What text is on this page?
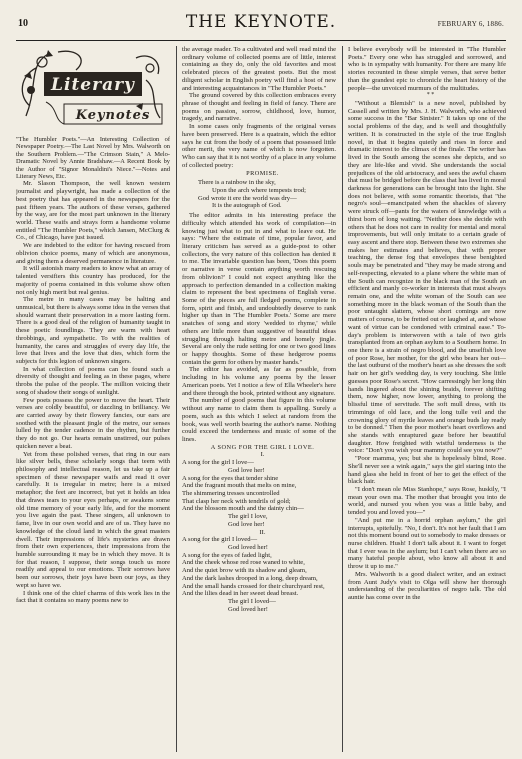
10	THE KEYNOTE.	FEBRUARY 6, 1886.
Literary
Keynotes

"The Humbler Poets."—An Interesting Collection of Newspaper Poetry.—The Last Novel by Mrs. Walworth on the Southern Problem.—"The Crimson Stain," A Melo-Dramatic Novel by Annie Bradshaw.—A Recent Book by the Author of "Signor Monaldini's Niece."—Notes and Literary News, Etc.

Mr. Slason Thompson, the well known western journalist and playwright, has made a collection of the best poetry that has appeared in the newspapers for the past fifteen years. The authors of these verses, gathered by the way, are for the most part unknown in the literary world. These waifs and strays form a handsome volume entitled "The Humbler Poets," which Jansen, McClurg & Co., of Chicago, have just issued.

We are indebted to the editor for having rescued from oblivion choice poems, many of which are anonymous, and giving them a deserved permanence in literature.

It will astonish many readers to know what an array of talented versifiers this country has produced, for the majority of poems contained in this volume show often not only high merit but real genius.

The metre in many cases may be halting and unmusical, but there is always some idea in the verses that should warrant their preservation in a more lasting form. There is a good deal of the religion of humanity taught in these poetic foundlings. They are warm with heart throbbings, and sympathetic. To with the realities of humanity, the cares and struggles of every day life, the love that lives and the love that dies, which form the subjects for this legion of unknown singers.

In what collection of poems can be found such a diversity of thought and feeling as in these pages, where throbs the pulse of the people. The million voicing their song of shadow their songs of sunlight.

Few poets possess the power to move the heart. Their verses are coldly beautiful, or dazzling in brilliancy. We are carried away by their flowery fancies, our ears are soothed with the pleasant jingle of the metre, our senses lulled by the tender cadence in the rhythm, but further they do not go. Our hearts remain unstirred, our pulses quicken never a beat.

Yet from these polished verses, that ring in our ears like silver bells, these scholarly songs that teem with philosophy and intellectual reason, let us take up a fair specimen of these newspaper waifs and read it over carefully. It is irregular in metre; here is a mixed metaphor; the feet are incorrect, but yet it holds an idea that draws tears to your eyes perhaps, or awakens some old time memory of your early life, and for the moment you live again the past. These singers, all unknown to fame, live in our own world and are of us. They have no knowledge of the cloud land in which the great masters dwell. Their impressions of life's mysteries are drawn from their own experiences, their impressions from the humble surrounding it may be in which they move. It is for that reason, I suppose, their songs touch us more readily and appeal to our emotions. Their sorrows have been our sorrows, their joys have been our joys, as they wept so have we.

I think one of the chief charms of this work lies in the fact that it contains so many poems new to

the average reader. To a cultivated and well read mind the ordinary volume of collected poems are of little, interest containing as they do, only the old favorites and most celebrated pieces of the greatest poets. But the most diligent scholar in English poetry will find a host of new and interesting acquaintances in "The Humbler Poets."

The ground covered by this collection embraces every phrase of thought and feeling in field of fancy. There are poems on passion, sorrow, childhood, love, humor, tragedy, and narrative.

In some cases only fragments of the original verses have been preserved. Here is a quatrain, which the editor says he cut from the body of a poem that possessed little other merit, the very name of which is now forgotten. Who can say that it is not worthy of a place in any volume of collected poetry:

PROMISE.

There is a rainbow in the sky,
Upon the arch where tempests trod;
God wrote it ere the world was dry—
It is the autograph of God.

The editor admits in his interesting preface the difficulty which attended his work of compilation—in knowing just what to put in and what to leave out. He says: "Where the estimate of time, popular favor, and literary criticism has served as a guide-post to other collectors, the very nature of this collection has denied it to me. The invariable question has been, 'Does this poem or narrative in verse contain anything worth rescuing from oblivion?' I could not expect anything like the approach to perfection demanded in a collection making claim to represent the best specimens of English verse. Some of the pieces are full fledged poems, complete in form, spirit and finish, and undoubtedly deserve to rank higher up than in 'The Humbler Poets.' Some are mere snatches of song and story 'wedded to rhyme,' while others are little more than suggestive of beautiful ideas struggling through halting metre and homely jingle. Several are only the rude setting for one or two good lines or happy thoughts. Some of these hedgerow poems contain the germ for others by master hands."

The editor has avoided, as far as possible, from including in his volume any poems by the lesser American poets. Yet I notice a few of Ella Wheeler's here and there through the book, printed without any signature.

The number of good poems that figure in this volume without any name to claim them is appalling. Surely a poem, such as this which I select at random from the book, was well worth bearing the author's name. Nothing could exceed the tenderness and music of some of the lines.

A SONG FOR THE GIRL I LOVE.

I.

A song for the girl I love—
God love her!
A song for the eyes that tender shine
And the fragrant mouth that melts on mine,
The shimmering tresses uncontrolled
That clasp her neck with tendrils of gold;
And the blossom mouth and the dainty chin—
The girl I love,
God love her!

II.

A song for the girl I loved—
God loved her!
A song for the eyes of faded light,
And the cheek whose red rose waned to white,
And the quiet brow with its shadow and gleam,
And the dark lashes drooped in a long, deep dream,
And the small hands crossed for their churchyard rest,
And the lilies dead in her sweet dead breast.
The girl I loved—
God loved her!

I believe everybody will be interested in "The Humbler Poets." Every one who has struggled and sorrowed, and who is in sympathy with humanity. For there are many life stories recounted in these simple verses, that serve better than the grandest epic to chronicle the heart history of the people—the unvoiced murmurs of the multitudes.

* *

"Without a Blemish" is a new novel, published by Cassell and written by Mrs. J. H. Walworth, who achieved some success in the "Bar Sinister." It takes up one of the social problems of the day, and is well and thoughtfully written. It is constructed in the style of the true English novel, in that it begins quietly and rises in force and dramatic interest to the climax of the finale. The writer has lived in the South among the scenes she depicts, and so they are life-like and vivid. She understands the social prejudices of the old aristocracy, and sees the awful chasm that must be bridged before the class that has lived in moral darkness for generations can be brought into the light. She does not believe, with some romantic theorists, that "the negro's soul—emancipated when the shackles of slavery were struck off—pants for the waters of knowledge with a thirst born of long waiting. "Neither does she decide with others that he does not care in reality for mental and moral improvements, but will only imitate to a certain grade of easy ascent and there stop. Between these two extremes she makes her estimates and believes, that with proper teaching, the dense fog that envelopes these benighted souls may be penetrated and "they may be made strong and self-respecting, elevated to a plane where the white man of the South can recognize in the black man of the South an efficient and manly co-worker in interests that must always remain one, and the white woman of the South can see something more in the black woman of the South than the poor untaught slattern, whose short comings are now matters of course, to be fretted out or laughed at, and whose want of virtue can be condoned with criminal ease." To-day's problem is interwoven with a tale of two girls transplanted from an orphan asylum to a Southern home. In one there is a strain of negro blood, and the unselfish love of poor Rose, her mother, for the girl who bears her out—the last outburst of the mother's heart as she dresses the soft hair on her girl's wedding day, is very touching. She little guesses poor Rose's secret. "How carressingly her long thin hands lingered about the shining braids, forever shifting them, now higher, now lower, anything to prolong the blissful time of servitude. The soft mull dress, with its trimmings of old lace, and the long tulle veil and the crowning glory of myrtle leaves and orange buds lay ready to be donned." Then the poor mother's heart overflows and she stands with enraptured gaze before her beautiful daughter. How freighted with wistful tenderness is the voice: "Don't you wish your mammy could see you now?"

"Poor mamma, yes; but she is hopelessly blind, Rose. She'll never see a wink again," says the girl staring into the hand glass she held in front of her to get the effect of the black hair.

"I don't mean ole Miss Stanhope," says Rose, huskily, "I mean your own ma. The mother that brought you into de world, and nursed you when you was a little baby, and tended you and loved you—"

"And put me in a horrid orphan asylum," the girl interrupts, spitefully. "No, I don't. It's not her fault that I am not this moment bound out to somebody to make dresses or nurse children. Hush! I don't talk about it. I want to forget that I ever was in the asylum; but I can't when there are so many hateful people about, who know all about it and throw it up to me."

Mrs. Walworth is a good dialect writer, and an extract from Aunt Judy's visit to Olga will show her thorough understanding of the peculiarities of negro talk. The old auntie has come over in the
